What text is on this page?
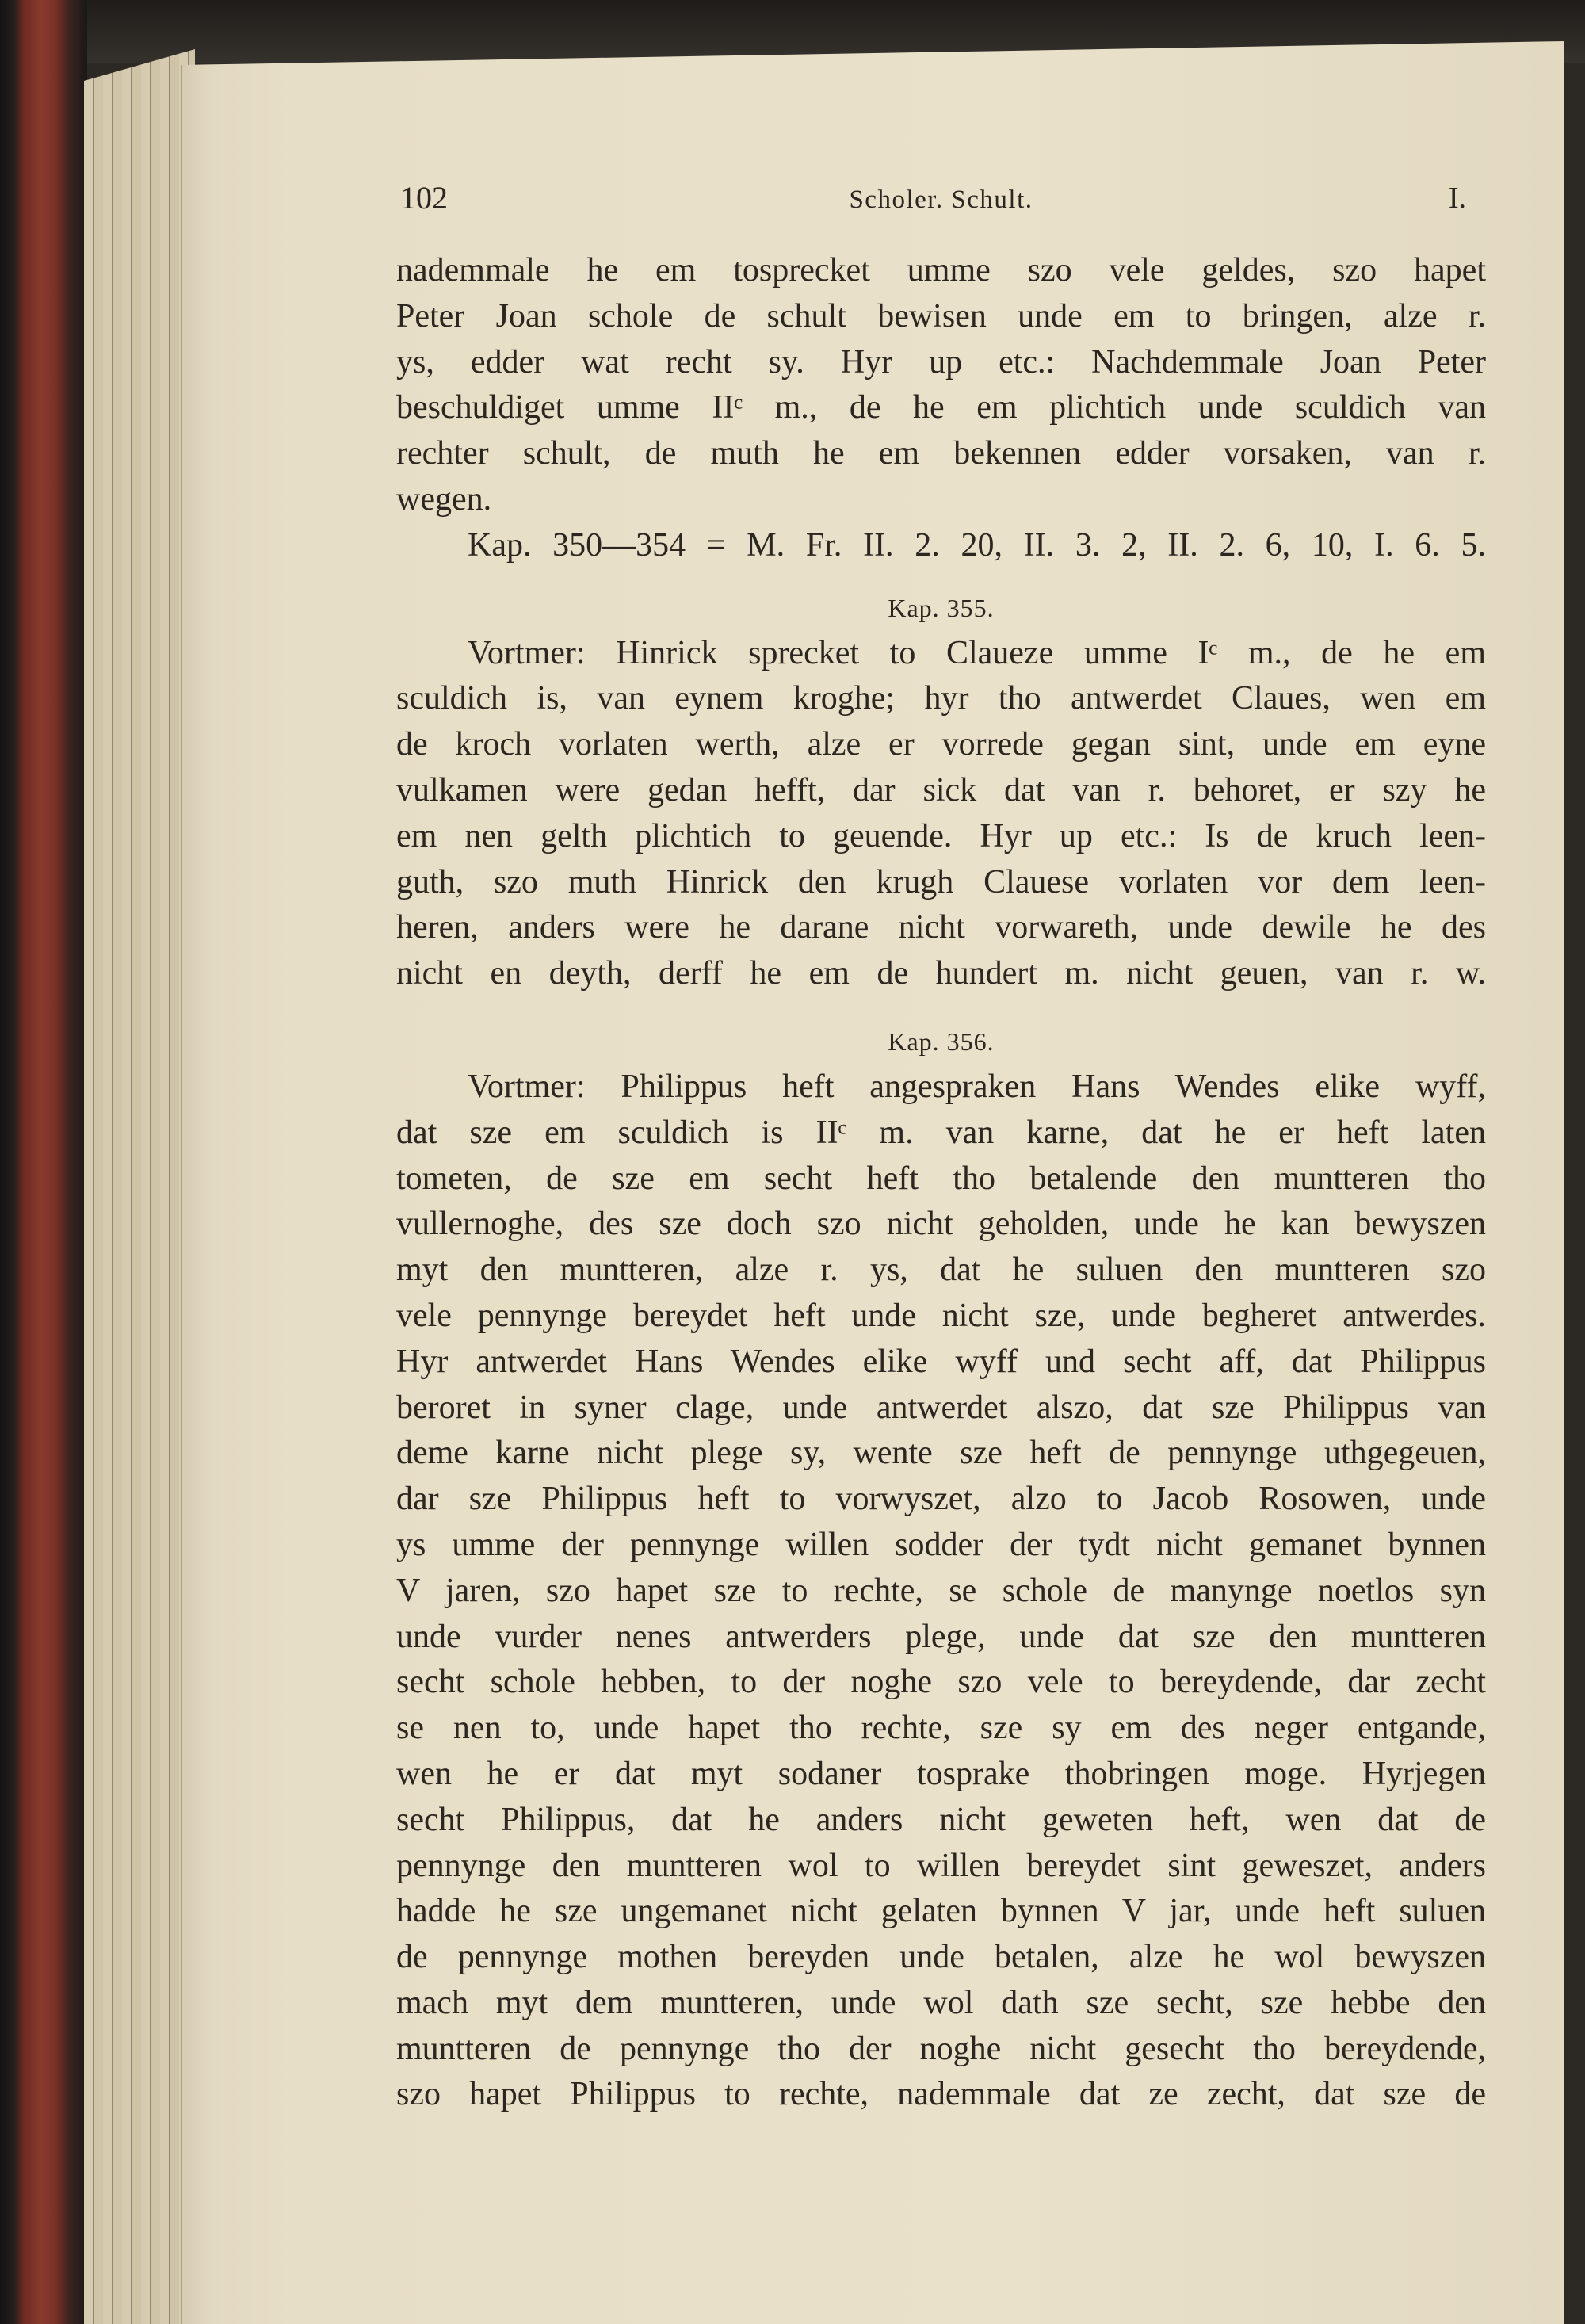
102	Scholer. Schult.	I.
nademmale he em tosprecket umme szo vele geldes, szo hapet
Peter Joan schole de schult bewisen unde em to bringen, alze r.
ys, edder wat recht sy. Hyr up etc.: Nachdemmale Joan Peter
beschuldiget umme IIᶜ m., de he em plichtich unde sculdich van
rechter schult, de muth he em bekennen edder vorsaken, van r.
wegen.
Kap. 350—354 = M. Fr. II. 2. 20, II. 3. 2, II. 2. 6, 10, I. 6. 5.
Kap. 355.
Vortmer: Hinrick sprecket to Claueze umme Iᶜ m., de he em
sculdich is, van eynem kroghe; hyr tho antwerdet Claues, wen em
de kroch vorlaten werth, alze er vorrede gegan sint, unde em eyne
vulkamen were gedan hefft, dar sick dat van r. behoret, er szy he
em nen gelth plichtich to geuende. Hyr up etc.: Is de kruch leen-
guth, szo muth Hinrick den krugh Clauese vorlaten vor dem leen-
heren, anders were he darane nicht vorwareth, unde dewile he des
nicht en deyth, derff he em de hundert m. nicht geuen, van r. w.
Kap. 356.
Vortmer: Philippus heft angespraken Hans Wendes elike wyff,
dat sze em sculdich is IIᶜ m. van karne, dat he er heft laten
tometen, de sze em secht heft tho betalende den muntteren tho
vullernoghe, des sze doch szo nicht geholden, unde he kan bewyszen
myt den muntteren, alze r. ys, dat he suluen den muntteren szo
vele pennynge bereydet heft unde nicht sze, unde begheret antwerdes.
Hyr antwerdet Hans Wendes elike wyff und secht aff, dat Philippus
beroret in syner clage, unde antwerdet alszo, dat sze Philippus van
deme karne nicht plege sy, wente sze heft de pennynge uthgegeuen,
dar sze Philippus heft to vorwyszet, alzo to Jacob Rosowen, unde
ys umme der pennynge willen sodder der tydt nicht gemanet bynnen
V jaren, szo hapet sze to rechte, se schole de manynge noetlos syn
unde vurder nenes antwerders plege, unde dat sze den muntteren
secht schole hebben, to der noghe szo vele to bereydende, dar zecht
se nen to, unde hapet tho rechte, sze sy em des neger entgande,
wen he er dat myt sodaner tosprake thobringen moge. Hyrjegen
secht Philippus, dat he anders nicht geweten heft, wen dat de
pennynge den muntteren wol to willen bereydet sint geweszet, anders
hadde he sze ungemanet nicht gelaten bynnen V jar, unde heft suluen
de pennynge mothen bereyden unde betalen, alze he wol bewyszen
mach myt dem muntteren, unde wol dath sze secht, sze hebbe den
muntteren de pennynge tho der noghe nicht gesecht tho bereydende,
szo hapet Philippus to rechte, nademmale dat ze zecht, dat sze de
